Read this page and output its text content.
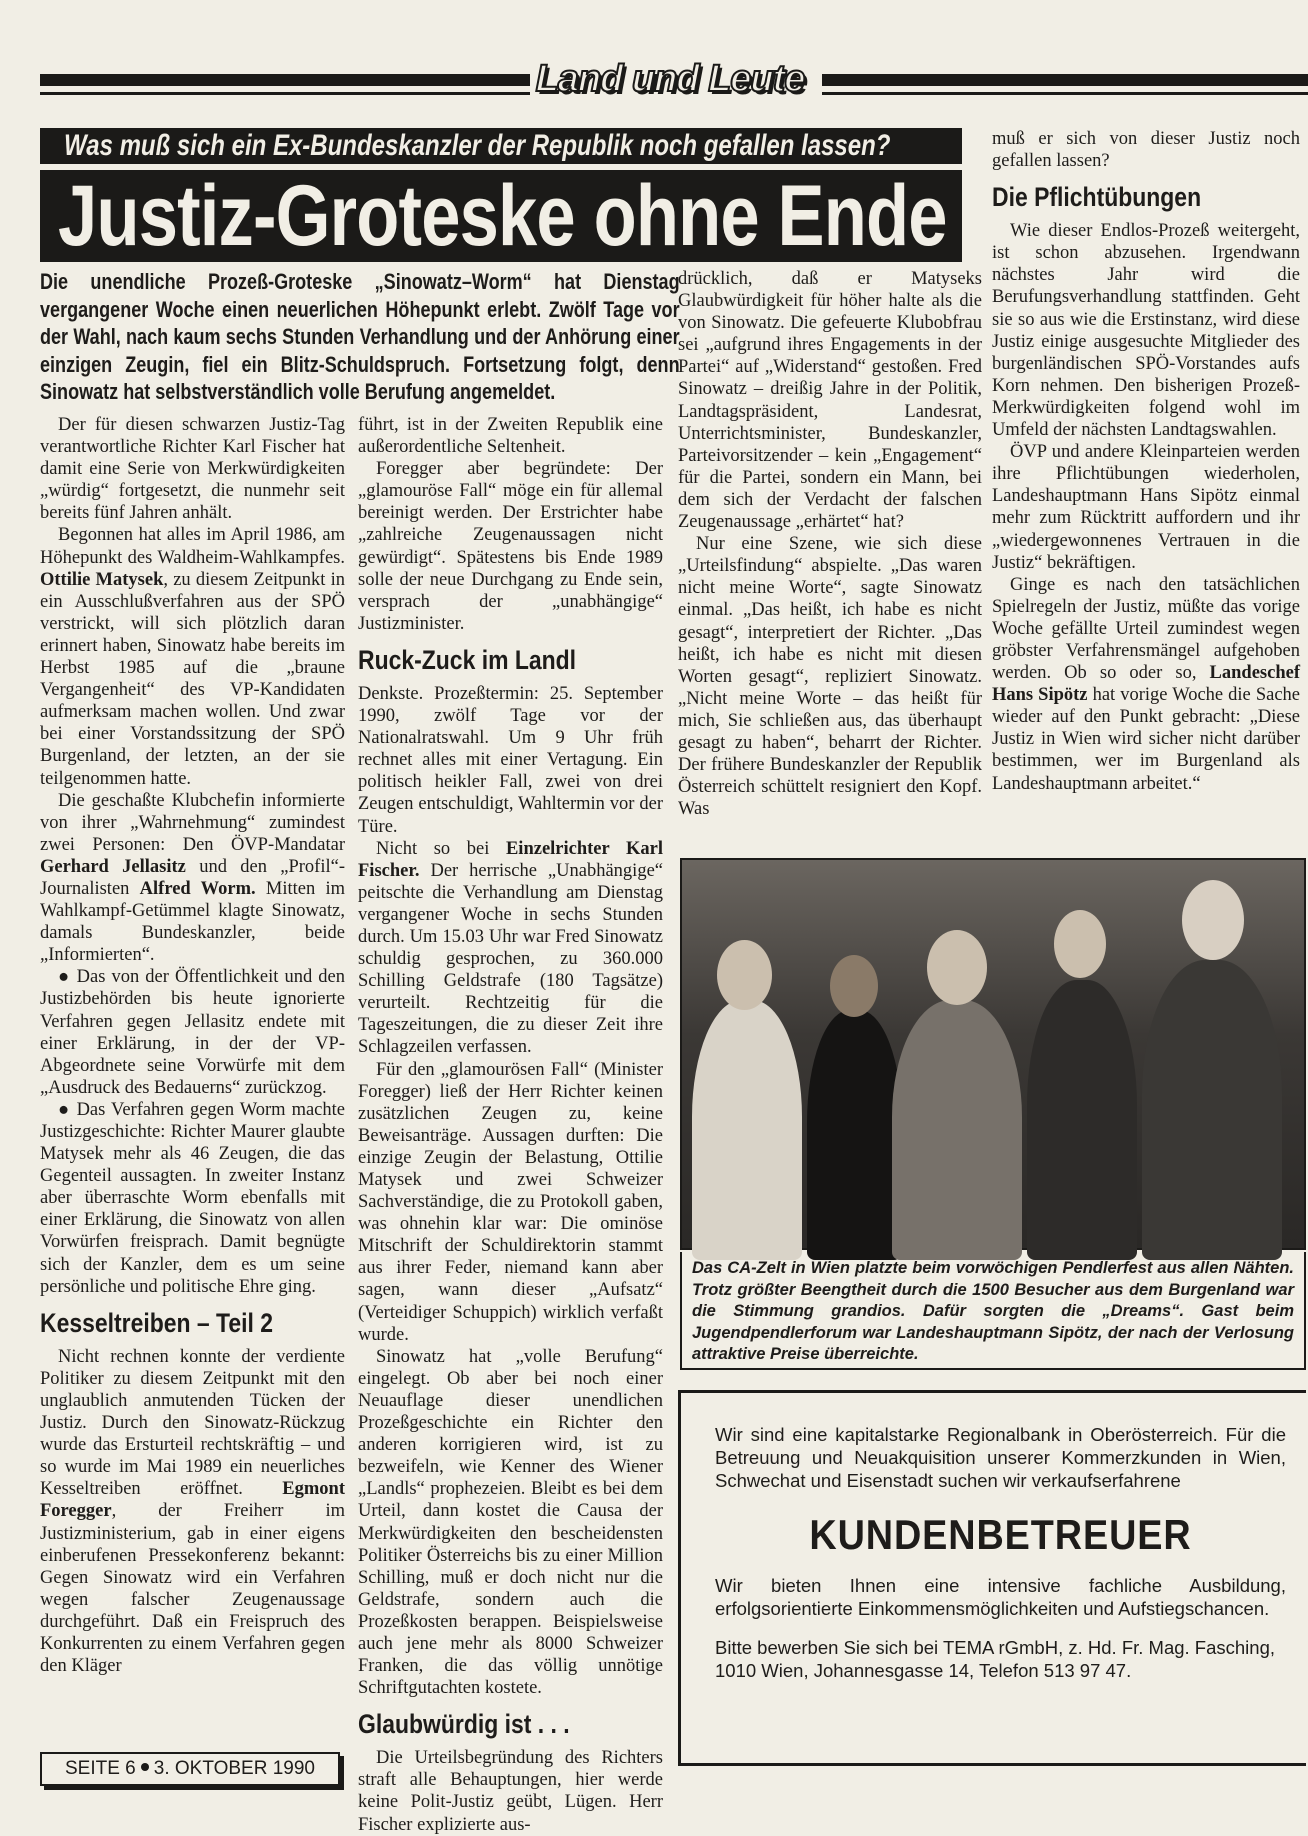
Land und Leute
Was muß sich ein Ex-Bundeskanzler der Republik noch gefallen lassen?
Justiz-Groteske ohne Ende
Die unendliche Prozeß-Groteske „Sinowatz–Worm“ hat Dienstag vergangener Woche einen neuerlichen Höhepunkt erlebt. Zwölf Tage vor der Wahl, nach kaum sechs Stunden Verhandlung und der Anhörung einer einzigen Zeugin, fiel ein Blitz-Schuldspruch. Fortsetzung folgt, denn Sinowatz hat selbstverständlich volle Berufung angemeldet.

Der für diesen schwarzen Justiz-Tag verantwortliche Richter Karl Fischer hat damit eine Serie von Merkwürdigkeiten „würdig“ fortgesetzt, die nunmehr seit bereits fünf Jahren anhält.

Begonnen hat alles im April 1986, am Höhepunkt des Waldheim-Wahlkampfes. Ottilie Matysek, zu diesem Zeitpunkt in ein Ausschlußverfahren aus der SPÖ verstrickt, will sich plötzlich daran erinnert haben, Sinowatz habe bereits im Herbst 1985 auf die „braune Vergangenheit“ des VP-Kandidaten aufmerksam machen wollen. Und zwar bei einer Vorstandssitzung der SPÖ Burgenland, der letzten, an der sie teilgenommen hatte.

Die geschaßte Klubchefin informierte von ihrer „Wahrnehmung“ zumindest zwei Personen: Den ÖVP-Mandatar Gerhard Jellasitz und den „Profil“-Journalisten Alfred Worm. Mitten im Wahlkampf-Getümmel klagte Sinowatz, damals Bundeskanzler, beide „Informierten“.

● Das von der Öffentlichkeit und den Justizbehörden bis heute ignorierte Verfahren gegen Jellasitz endete mit einer Erklärung, in der der VP-Abgeordnete seine Vorwürfe mit dem „Ausdruck des Bedauerns“ zurückzog.

● Das Verfahren gegen Worm machte Justizgeschichte: Richter Maurer glaubte Matysek mehr als 46 Zeugen, die das Gegenteil aussagten. In zweiter Instanz aber überraschte Worm ebenfalls mit einer Erklärung, die Sinowatz von allen Vorwürfen freisprach. Damit begnügte sich der Kanzler, dem es um seine persönliche und politische Ehre ging.

Kesseltreiben – Teil 2

Nicht rechnen konnte der verdiente Politiker zu diesem Zeitpunkt mit den unglaublich anmutenden Tücken der Justiz. Durch den Sinowatz-Rückzug wurde das Ersturteil rechtskräftig – und so wurde im Mai 1989 ein neuerliches Kesseltreiben eröffnet. Egmont Foregger, der Freiherr im Justizministerium, gab in einer eigens einberufenen Pressekonferenz bekannt: Gegen Sinowatz wird ein Verfahren wegen falscher Zeugenaussage durchgeführt. Daß ein Freispruch des Konkurrenten zu einem Verfahren gegen den Kläger

führt, ist in der Zweiten Republik eine außerordentliche Seltenheit.

Foregger aber begründete: Der „glamouröse Fall“ möge ein für allemal bereinigt werden. Der Erstrichter habe „zahlreiche Zeugenaussagen nicht gewürdigt“. Spätestens bis Ende 1989 solle der neue Durchgang zu Ende sein, versprach der „unabhängige“ Justizminister.

Ruck-Zuck im Landl

Denkste. Prozeßtermin: 25. September 1990, zwölf Tage vor der Nationalratswahl. Um 9 Uhr früh rechnet alles mit einer Vertagung. Ein politisch heikler Fall, zwei von drei Zeugen entschuldigt, Wahltermin vor der Türe.

Nicht so bei Einzelrichter Karl Fischer. Der herrische „Unabhängige“ peitschte die Verhandlung am Dienstag vergangener Woche in sechs Stunden durch. Um 15.03 Uhr war Fred Sinowatz schuldig gesprochen, zu 360.000 Schilling Geldstrafe (180 Tagsätze) verurteilt. Rechtzeitig für die Tageszeitungen, die zu dieser Zeit ihre Schlagzeilen verfassen.

Für den „glamourösen Fall“ (Minister Foregger) ließ der Herr Richter keinen zusätzlichen Zeugen zu, keine Beweisanträge. Aussagen durften: Die einzige Zeugin der Belastung, Ottilie Matysek und zwei Schweizer Sachverständige, die zu Protokoll gaben, was ohnehin klar war: Die ominöse Mitschrift der Schuldirektorin stammt aus ihrer Feder, niemand kann aber sagen, wann dieser „Aufsatz“ (Verteidiger Schuppich) wirklich verfaßt wurde.

Sinowatz hat „volle Berufung“ eingelegt. Ob aber bei noch einer Neuauflage dieser unendlichen Prozeßgeschichte ein Richter den anderen korrigieren wird, ist zu bezweifeln, wie Kenner des Wiener „Landls“ prophezeien. Bleibt es bei dem Urteil, dann kostet die Causa der Merkwürdigkeiten den bescheidensten Politiker Österreichs bis zu einer Million Schilling, muß er doch nicht nur die Geldstrafe, sondern auch die Prozeßkosten berappen. Beispielsweise auch jene mehr als 8000 Schweizer Franken, die das völlig unnötige Schriftgutachten kostete.

Glaubwürdig ist . . .

Die Urteilsbegründung des Richters straft alle Behauptungen, hier werde keine Polit-Justiz geübt, Lügen. Herr Fischer explizierte aus-

drücklich, daß er Matyseks Glaubwürdigkeit für höher halte als die von Sinowatz. Die gefeuerte Klubobfrau sei „aufgrund ihres Engagements in der Partei“ auf „Widerstand“ gestoßen. Fred Sinowatz – dreißig Jahre in der Politik, Landtagspräsident, Landesrat, Unterrichtsminister, Bundeskanzler, Parteivorsitzender – kein „Engagement“ für die Partei, sondern ein Mann, bei dem sich der Verdacht der falschen Zeugenaussage „erhärtet“ hat?

Nur eine Szene, wie sich diese „Urteilsfindung“ abspielte. „Das waren nicht meine Worte“, sagte Sinowatz einmal. „Das heißt, ich habe es nicht gesagt“, interpretiert der Richter. „Das heißt, ich habe es nicht mit diesen Worten gesagt“, repliziert Sinowatz. „Nicht meine Worte – das heißt für mich, Sie schließen aus, das überhaupt gesagt zu haben“, beharrt der Richter. Der frühere Bundeskanzler der Republik Österreich schüttelt resigniert den Kopf. Was

muß er sich von dieser Justiz noch gefallen lassen?

Die Pflichtübungen

Wie dieser Endlos-Prozeß weitergeht, ist schon abzusehen. Irgendwann nächstes Jahr wird die Berufungsverhandlung stattfinden. Geht sie so aus wie die Erstinstanz, wird diese Justiz einige ausgesuchte Mitglieder des burgenländischen SPÖ-Vorstandes aufs Korn nehmen. Den bisherigen Prozeß-Merkwürdigkeiten folgend wohl im Umfeld der nächsten Landtagswahlen.

ÖVP und andere Kleinparteien werden ihre Pflichtübungen wiederholen, Landeshauptmann Hans Sipötz einmal mehr zum Rücktritt auffordern und ihr „wiedergewonnenes Vertrauen in die Justiz“ bekräftigen.

Ginge es nach den tatsächlichen Spielregeln der Justiz, müßte das vorige Woche gefällte Urteil zumindest wegen gröbster Verfahrensmängel aufgehoben werden. Ob so oder so, Landeschef Hans Sipötz hat vorige Woche die Sache wieder auf den Punkt gebracht: „Diese Justiz in Wien wird sicher nicht darüber bestimmen, wer im Burgenland als Landeshauptmann arbeitet.“

Das CA-Zelt in Wien platzte beim vorwöchigen Pendlerfest aus allen Nähten. Trotz größter Beengtheit durch die 1500 Besucher aus dem Burgenland war die Stimmung grandios. Dafür sorgten die „Dreams“. Gast beim Jugendpendlerforum war Landeshauptmann Sipötz, der nach der Verlosung attraktive Preise überreichte.

Wir sind eine kapitalstarke Regionalbank in Oberösterreich. Für die Betreuung und Neuakquisition unserer Kommerzkunden in Wien, Schwechat und Eisenstadt suchen wir verkaufserfahrene

KUNDENBETREUER

Wir bieten Ihnen eine intensive fachliche Ausbildung, erfolgsorientierte Einkommensmöglichkeiten und Aufstiegschancen.

Bitte bewerben Sie sich bei TEMA rGmbH, z. Hd. Fr. Mag. Fasching, 1010 Wien, Johannesgasse 14, Telefon 513 97 47.

SEITE 6 3. OKTOBER 1990
